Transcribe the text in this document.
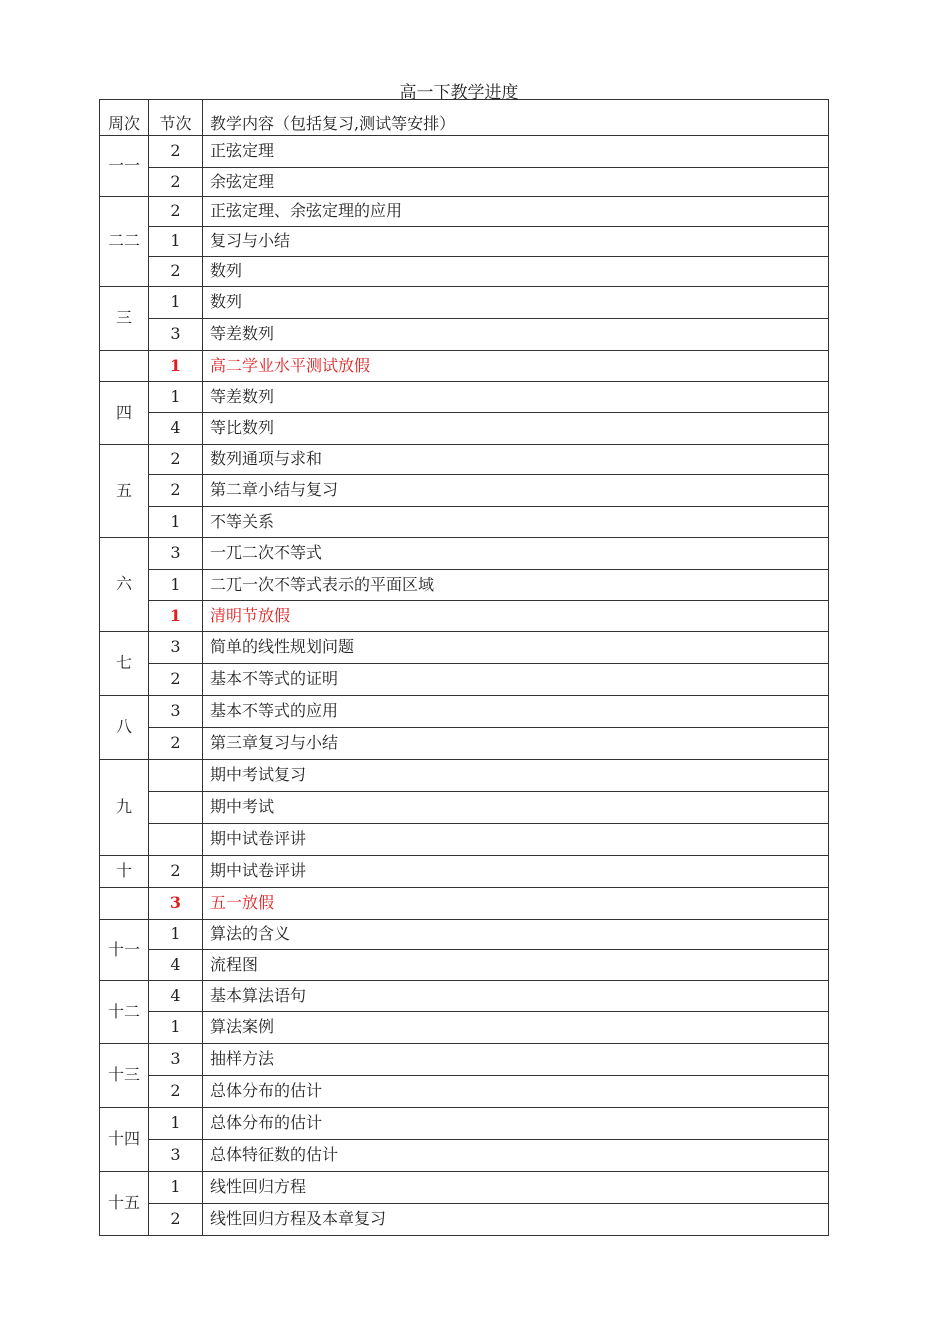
高一下教学进度
周次	节次	教学内容（包括复习,测试等安排）
一一	2	正弦定理
	2	余弦定理
二二	2	正弦定理、余弦定理的应用
	1	复习与小结
	2	数列
三	1	数列
	3	等差数列
	1	高二学业水平测试放假
四	1	等差数列
	4	等比数列
五	2	数列通项与求和
	2	第二章小结与复习
	1	不等关系
六	3	一兀二次不等式
	1	二兀一次不等式表示的平面区域
	1	清明节放假
七	3	简单的线性规划问题
	2	基本不等式的证明
八	3	基本不等式的应用
	2	第三章复习与小结
九		期中考试复习
		期中考试
		期中试卷评讲
十	2	期中试卷评讲
	3	五一放假
十一	1	算法的含义
	4	流程图
十二	4	基本算法语句
	1	算法案例
十三	3	抽样方法
	2	总体分布的估计
十四	1	总体分布的估计
	3	总体特征数的估计
十五	1	线性回归方程
	2	线性回归方程及本章复习
